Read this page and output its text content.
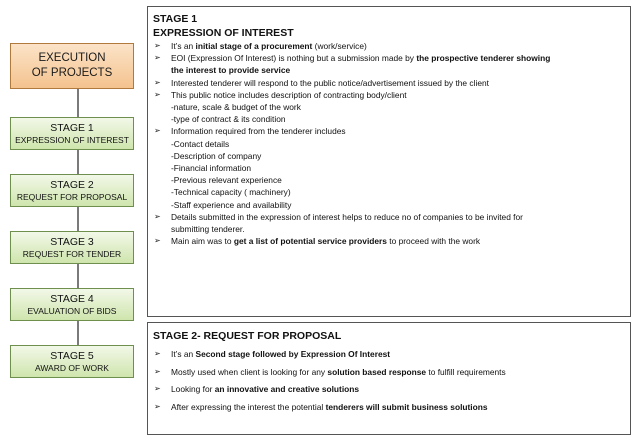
EXECUTION
OF PROJECTS
STAGE 1
EXPRESSION OF INTEREST
STAGE 2
REQUEST FOR PROPOSAL
STAGE 3
REQUEST FOR TENDER
STAGE 4
EVALUATION OF BIDS
STAGE 5
AWARD OF WORK
STAGE 1
EXPRESSION OF INTEREST
➢ It’s an initial stage of a procurement (work/service)
➢ EOI (Expression Of Interest) is nothing but a submission made by the prospective tenderer showing
the interest to provide service
➢ Interested tenderer will respond to the public notice/advertisement issued by the client
➢ This public notice includes description of contracting body/client
-nature, scale & budget of the work
-type of contract & its condition
➢ Information required from the tenderer includes
-Contact details
-Description of company
-Financial information
-Previous relevant experience
-Technical capacity ( machinery)
-Staff experience and availability
➢ Details submitted in the expression of interest helps to reduce no of companies to be invited for
submitting tenderer.
➢ Main aim was to get a list of potential service providers to proceed with the work
STAGE 2- REQUEST FOR PROPOSAL
➢ It’s an Second stage followed by Expression Of Interest
➢ Mostly used when client is looking for any solution based response to fulfill requirements
➢ Looking for an innovative and creative solutions
➢ After expressing the interest the potential tenderers will submit business solutions
